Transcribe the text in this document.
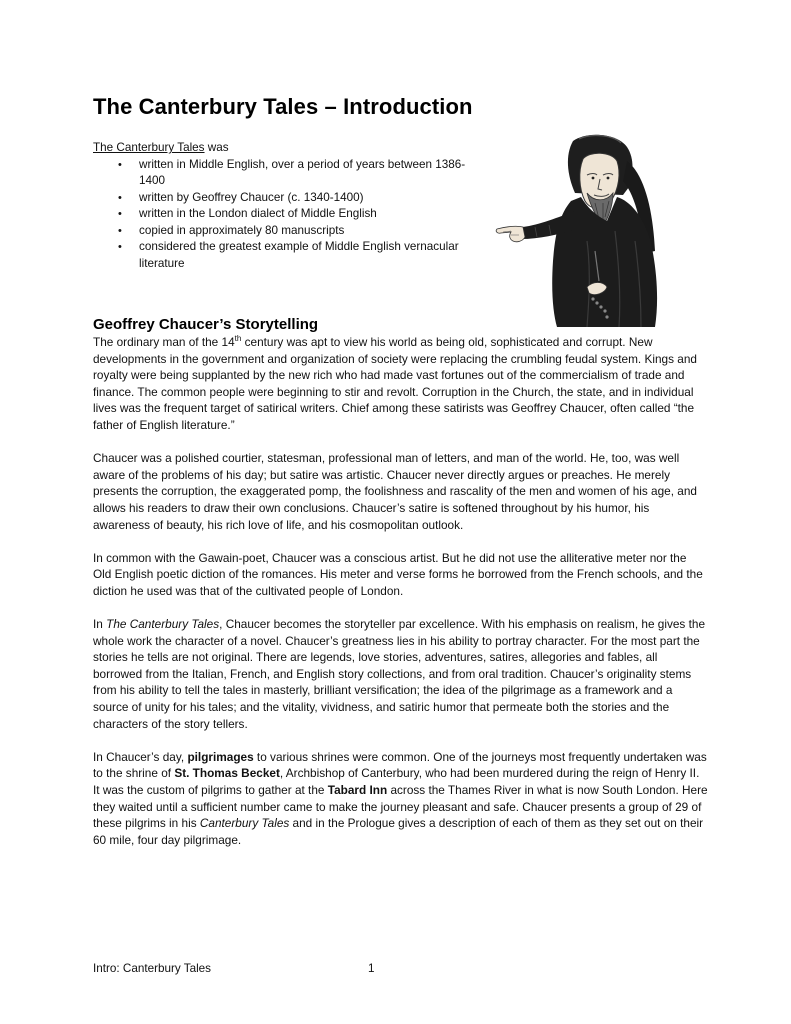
The Canterbury Tales – Introduction

The Canterbury Tales was

• written in Middle English, over a period of years between 1386-1400
• written by Geoffrey Chaucer (c. 1340-1400)
• written in the London dialect of Middle English
• copied in approximately 80 manuscripts
• considered the greatest example of Middle English vernacular literature
Geoffrey Chaucer’s Storytelling

The ordinary man of the 14th century was apt to view his world as being old, sophisticated and corrupt. New developments in the government and organization of society were replacing the crumbling feudal system. Kings and royalty were being supplanted by the new rich who had made vast fortunes out of the commercialism of trade and finance. The common people were beginning to stir and revolt. Corruption in the Church, the state, and in individual lives was the frequent target of satirical writers. Chief among these satirists was Geoffrey Chaucer, often called “the father of English literature.”

Chaucer was a polished courtier, statesman, professional man of letters, and man of the world. He, too, was well aware of the problems of his day; but satire was artistic. Chaucer never directly argues or preaches. He merely presents the corruption, the exaggerated pomp, the foolishness and rascality of the men and women of his age, and allows his readers to draw their own conclusions. Chaucer’s satire is softened throughout by his humor, his awareness of beauty, his rich love of life, and his cosmopolitan outlook.

In common with the Gawain-poet, Chaucer was a conscious artist. But he did not use the alliterative meter nor the Old English poetic diction of the romances. His meter and verse forms he borrowed from the French schools, and the diction he used was that of the cultivated people of London.

In The Canterbury Tales, Chaucer becomes the storyteller par excellence. With his emphasis on realism, he gives the whole work the character of a novel. Chaucer’s greatness lies in his ability to portray character. For the most part the stories he tells are not original. There are legends, love stories, adventures, satires, allegories and fables, all borrowed from the Italian, French, and English story collections, and from oral tradition. Chaucer’s originality stems from his ability to tell the tales in masterly, brilliant versification; the idea of the pilgrimage as a framework and a source of unity for his tales; and the vitality, vividness, and satiric humor that permeate both the stories and the characters of the story tellers.

In Chaucer’s day, pilgrimages to various shrines were common. One of the journeys most frequently undertaken was to the shrine of St. Thomas Becket, Archbishop of Canterbury, who had been murdered during the reign of Henry II. It was the custom of pilgrims to gather at the Tabard Inn across the Thames River in what is now South London. Here they waited until a sufficient number came to make the journey pleasant and safe. Chaucer presents a group of 29 of these pilgrims in his Canterbury Tales and in the Prologue gives a description of each of them as they set out on their 60 mile, four day pilgrimage.

Intro: Canterbury Tales	1
